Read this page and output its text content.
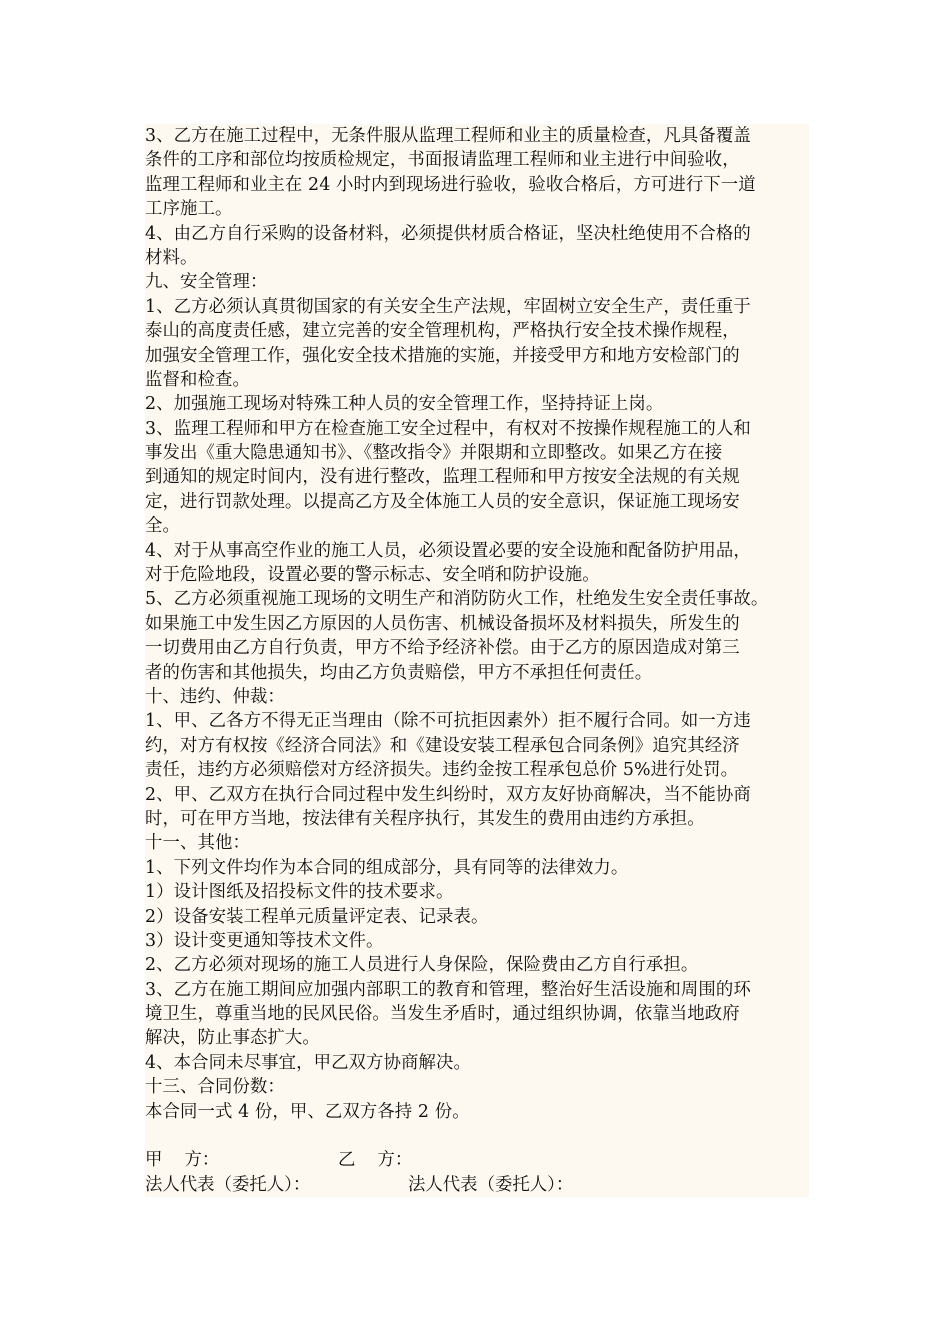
3、乙方在施工过程中，无条件服从监理工程师和业主的质量检查，凡具备覆盖
条件的工序和部位均按质检规定，书面报请监理工程师和业主进行中间验收，
监理工程师和业主在 24 小时内到现场进行验收，验收合格后，方可进行下一道
工序施工。
4、由乙方自行采购的设备材料，必须提供材质合格证，坚决杜绝使用不合格的
材料。
九、安全管理：
1、乙方必须认真贯彻国家的有关安全生产法规，牢固树立安全生产，责任重于
泰山的高度责任感，建立完善的安全管理机构，严格执行安全技术操作规程，
加强安全管理工作，强化安全技术措施的实施，并接受甲方和地方安检部门的
监督和检查。
2、加强施工现场对特殊工种人员的安全管理工作，坚持持证上岗。
3、监理工程师和甲方在检查施工安全过程中，有权对不按操作规程施工的人和
事发出《重大隐患通知书》、《整改指令》并限期和立即整改。如果乙方在接
到通知的规定时间内，没有进行整改，监理工程师和甲方按安全法规的有关规
定，进行罚款处理。以提高乙方及全体施工人员的安全意识，保证施工现场安
全。
4、对于从事高空作业的施工人员，必须设置必要的安全设施和配备防护用品，
对于危险地段，设置必要的警示标志、安全哨和防护设施。
5、乙方必须重视施工现场的文明生产和消防防火工作，杜绝发生安全责任事故。
如果施工中发生因乙方原因的人员伤害、机械设备损坏及材料损失，所发生的
一切费用由乙方自行负责，甲方不给予经济补偿。由于乙方的原因造成对第三
者的伤害和其他损失，均由乙方负责赔偿，甲方不承担任何责任。
十、违约、仲裁：
1、甲、乙各方不得无正当理由（除不可抗拒因素外）拒不履行合同。如一方违
约，对方有权按《经济合同法》和《建设安装工程承包合同条例》追究其经济
责任，违约方必须赔偿对方经济损失。违约金按工程承包总价 5%进行处罚。
2、甲、乙双方在执行合同过程中发生纠纷时，双方友好协商解决，当不能协商
时，可在甲方当地，按法律有关程序执行，其发生的费用由违约方承担。
十一、其他：
1、下列文件均作为本合同的组成部分，具有同等的法律效力。
1）设计图纸及招投标文件的技术要求。
2）设备安装工程单元质量评定表、记录表。
3）设计变更通知等技术文件。
2、乙方必须对现场的施工人员进行人身保险，保险费由乙方自行承担。
3、乙方在施工期间应加强内部职工的教育和管理，整治好生活设施和周围的环
境卫生，尊重当地的民风民俗。当发生矛盾时，通过组织协调，依靠当地政府
解决，防止事态扩大。
4、本合同未尽事宜，甲乙双方协商解决。
十三、合同份数：
本合同一式 4 份，甲、乙双方各持 2 份。
甲    方：	乙    方：
法人代表（委托人）：	法人代表（委托人）：
